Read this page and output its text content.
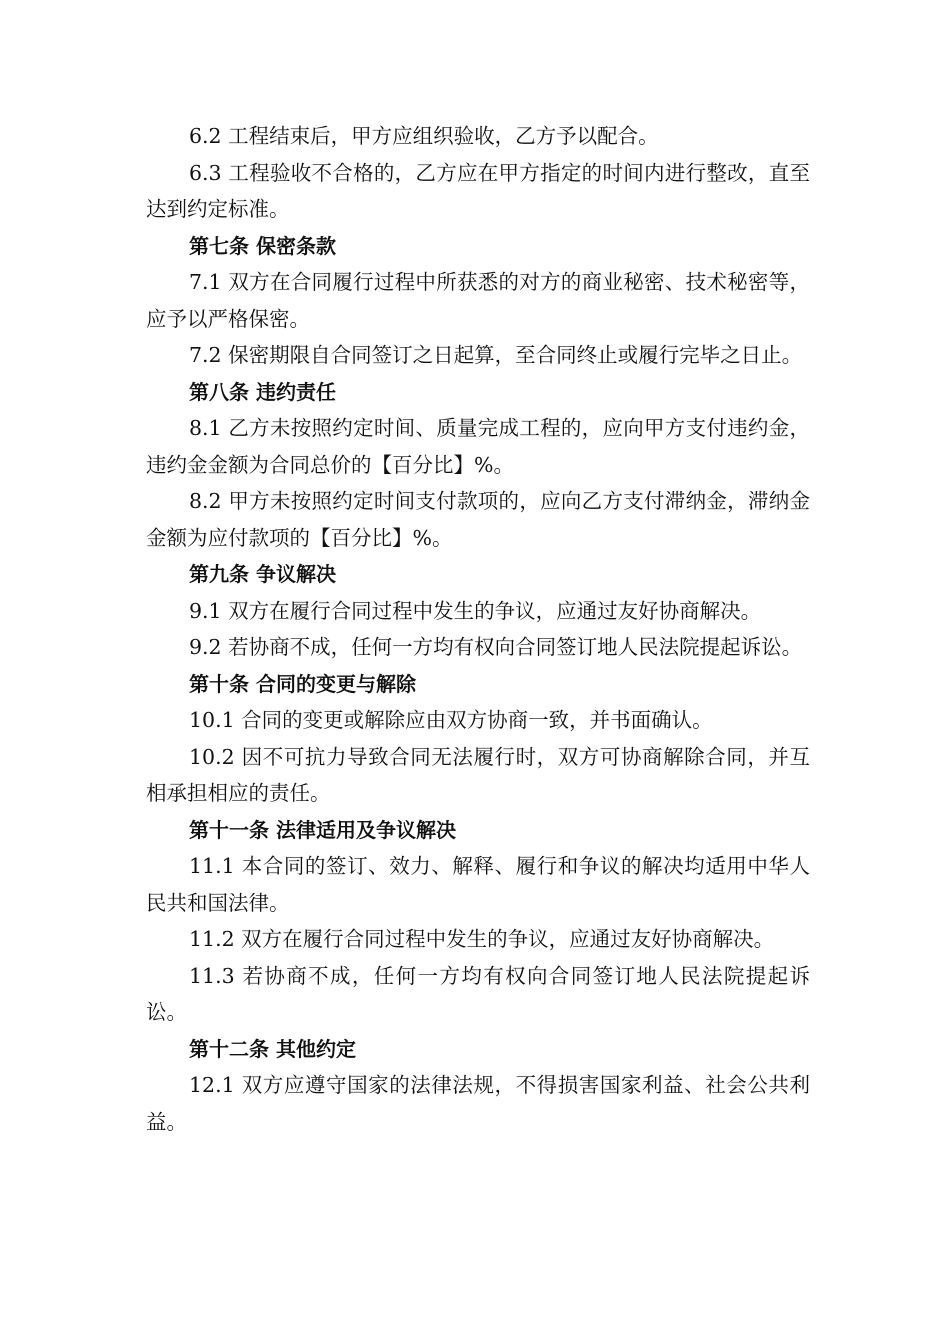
6.2 工程结束后，甲方应组织验收，乙方予以配合。

6.3 工程验收不合格的，乙方应在甲方指定的时间内进行整改，直至达到约定标准。

第七条 保密条款

7.1 双方在合同履行过程中所获悉的对方的商业秘密、技术秘密等，应予以严格保密。

7.2 保密期限自合同签订之日起算，至合同终止或履行完毕之日止。

第八条 违约责任

8.1 乙方未按照约定时间、质量完成工程的，应向甲方支付违约金，违约金金额为合同总价的【百分比】%。

8.2 甲方未按照约定时间支付款项的，应向乙方支付滞纳金，滞纳金金额为应付款项的【百分比】%。

第九条 争议解决

9.1 双方在履行合同过程中发生的争议，应通过友好协商解决。

9.2 若协商不成，任何一方均有权向合同签订地人民法院提起诉讼。

第十条 合同的变更与解除

10.1 合同的变更或解除应由双方协商一致，并书面确认。

10.2 因不可抗力导致合同无法履行时，双方可协商解除合同，并互相承担相应的责任。

第十一条 法律适用及争议解决

11.1 本合同的签订、效力、解释、履行和争议的解决均适用中华人民共和国法律。

11.2 双方在履行合同过程中发生的争议，应通过友好协商解决。

11.3 若协商不成，任何一方均有权向合同签订地人民法院提起诉讼。

第十二条 其他约定

12.1 双方应遵守国家的法律法规，不得损害国家利益、社会公共利益。
